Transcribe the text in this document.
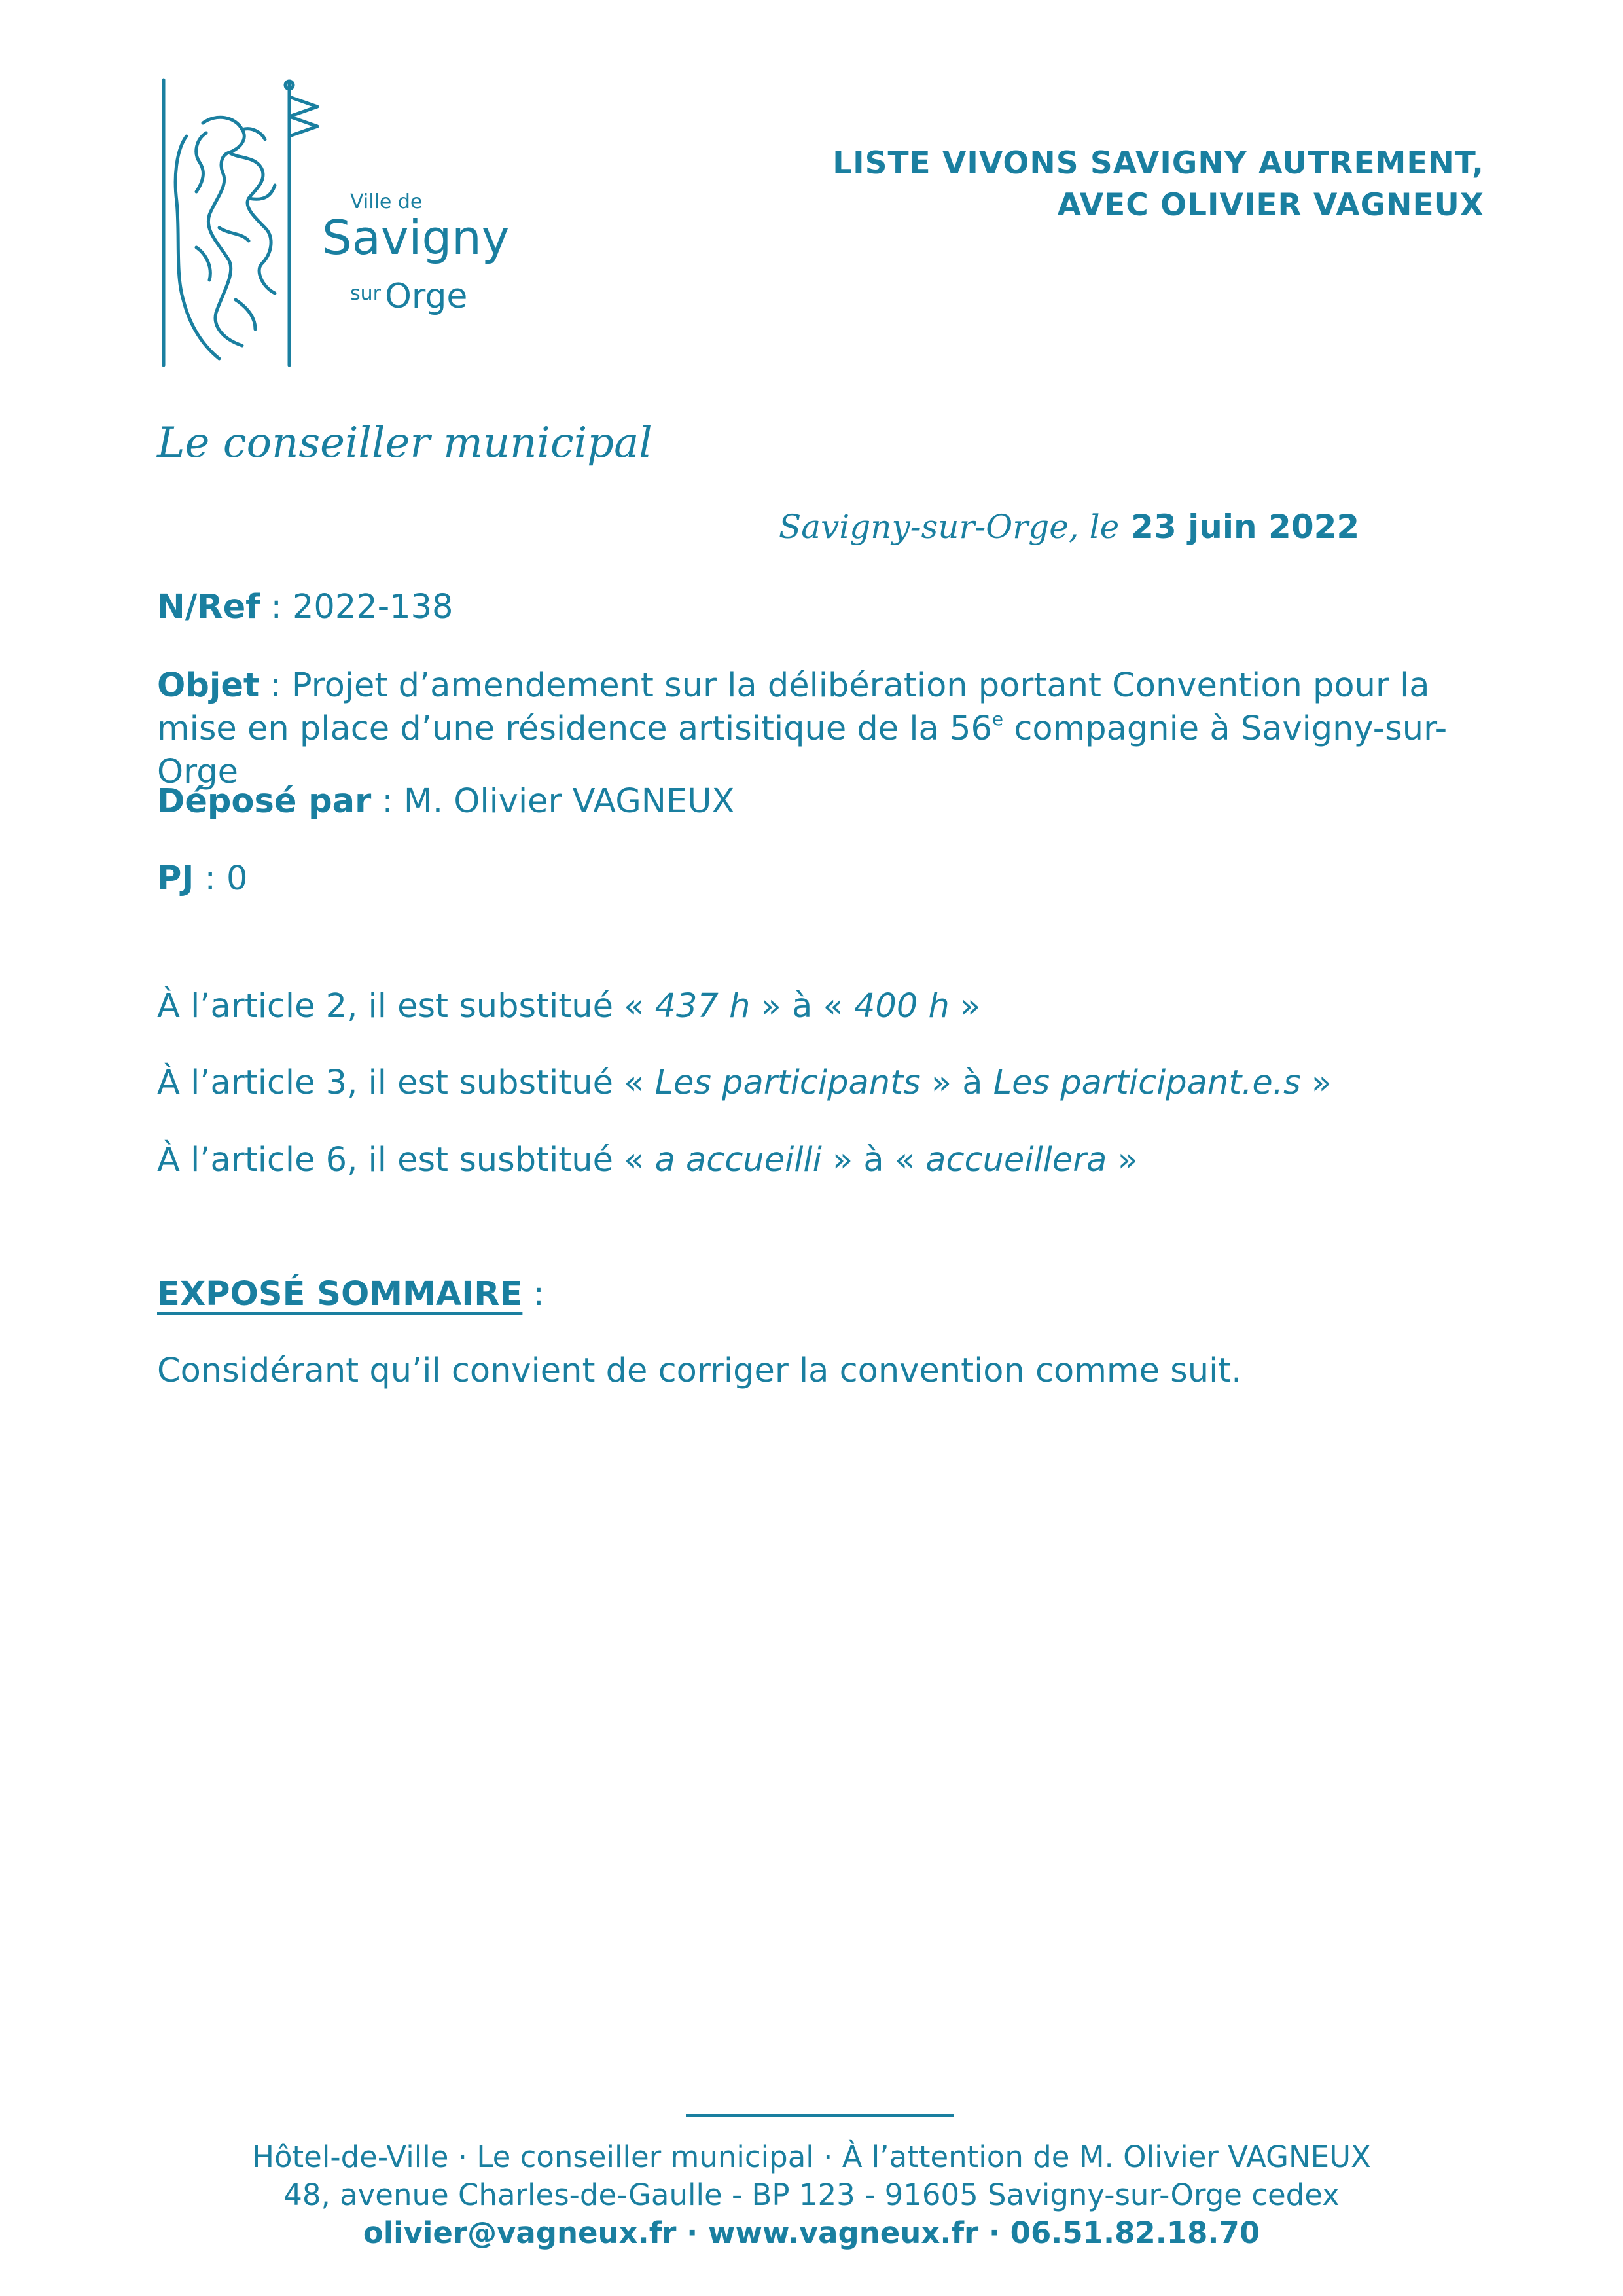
Ville de
Savigny
sur Orge
LISTE VIVONS SAVIGNY AUTREMENT,
AVEC OLIVIER VAGNEUX
Le conseiller municipal
Savigny-sur-Orge, le 23 juin 2022
N/Ref : 2022-138
Objet : Projet d’amendement sur la délibération portant Convention pour la mise en place d’une résidence artisitique de la 56e compagnie à Savigny-sur-Orge
Déposé par : M. Olivier VAGNEUX
PJ : 0
À l’article 2, il est substitué « 437 h » à « 400 h »
À l’article 3, il est substitué « Les participants » à Les participant.e.s »
À l’article 6, il est susbtitué « a accueilli » à « accueillera »
EXPOSÉ SOMMAIRE :
Considérant qu’il convient de corriger la convention comme suit.
Hôtel-de-Ville · Le conseiller municipal · À l’attention de M. Olivier VAGNEUX
48, avenue Charles-de-Gaulle - BP 123 - 91605 Savigny-sur-Orge cedex
olivier@vagneux.fr · www.vagneux.fr · 06.51.82.18.70
